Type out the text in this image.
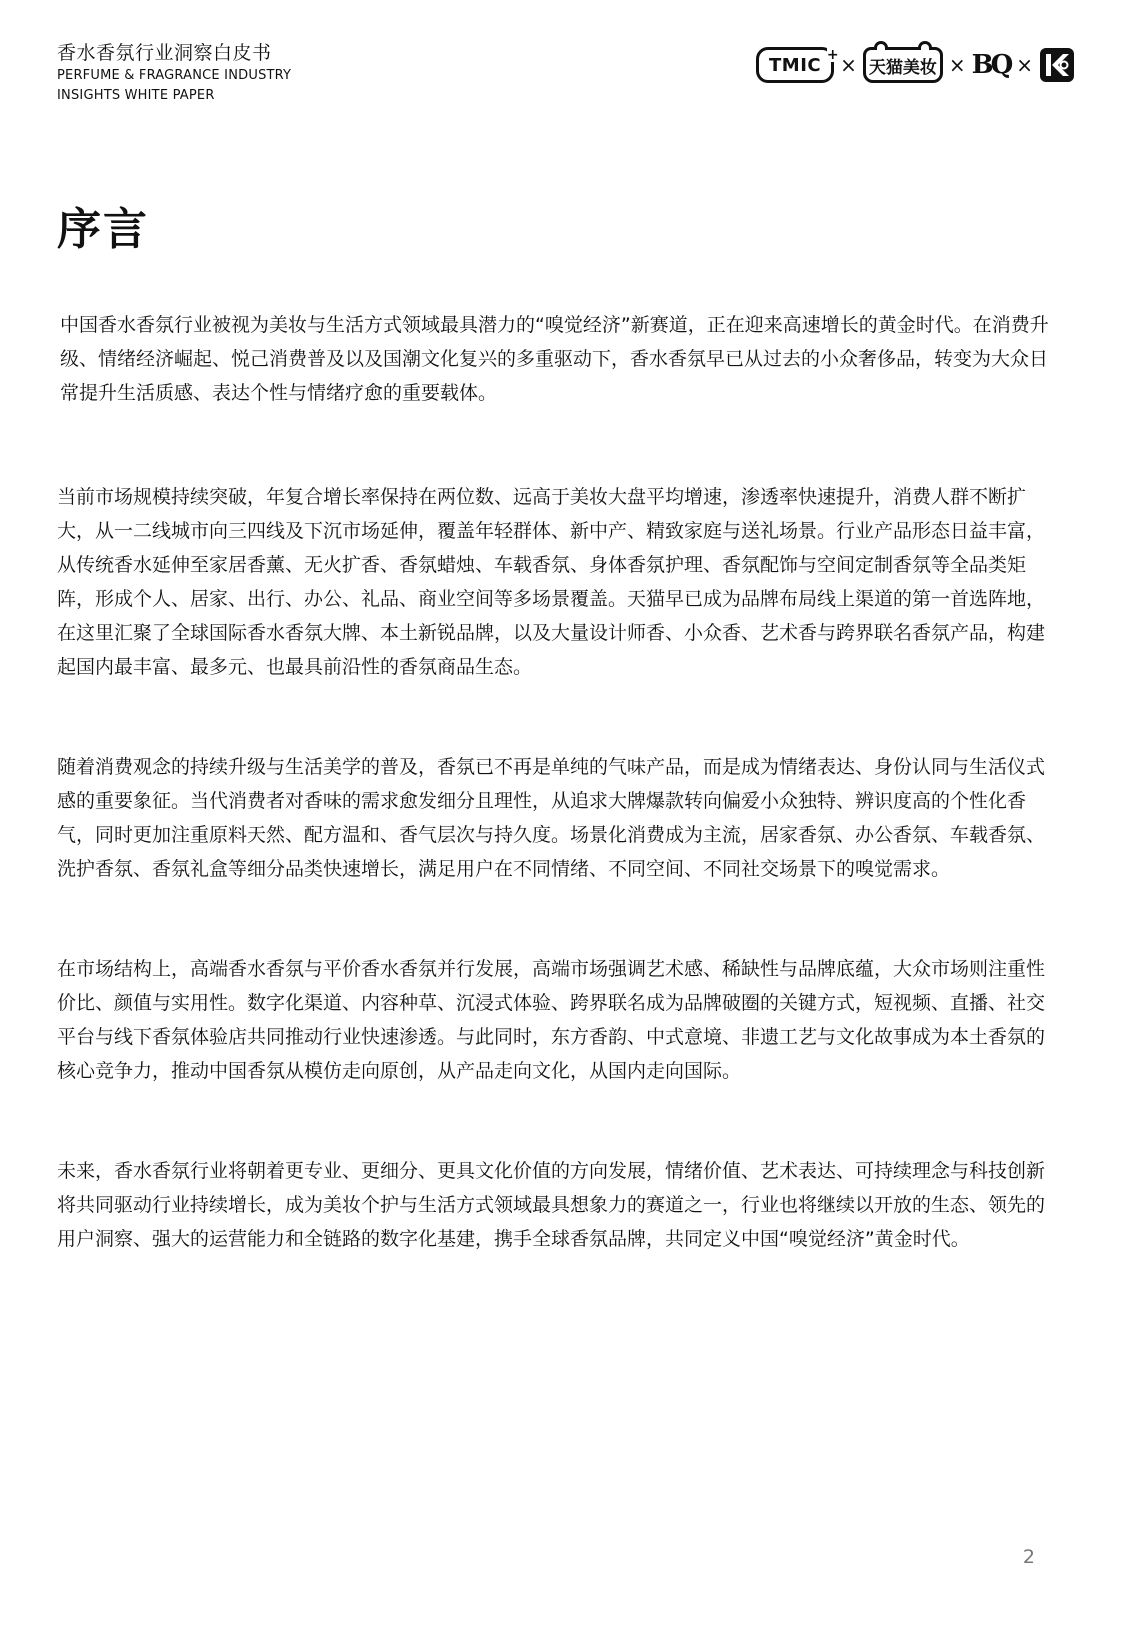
香水香氛行业洞察白皮书
PERFUME & FRAGRANCE INDUSTRY
INSIGHTS WHITE PAPER
TMIC + × 天猫美妆 × BQ ×
序言

中国香水香氛行业被视为美妆与生活方式领域最具潜力的“嗅觉经济”新赛道，正在迎来高速增长的黄金时代。在消费升级、情绪经济崛起、悦己消费普及以及国潮文化复兴的多重驱动下，香水香氛早已从过去的小众奢侈品，转变为大众日常提升生活质感、表达个性与情绪疗愈的重要载体。

当前市场规模持续突破，年复合增长率保持在两位数、远高于美妆大盘平均增速，渗透率快速提升，消费人群不断扩大，从一二线城市向三四线及下沉市场延伸，覆盖年轻群体、新中产、精致家庭与送礼场景。行业产品形态日益丰富，从传统香水延伸至家居香薰、无火扩香、香氛蜡烛、车载香氛、身体香氛护理、香氛配饰与空间定制香氛等全品类矩阵，形成个人、居家、出行、办公、礼品、商业空间等多场景覆盖。天猫早已成为品牌布局线上渠道的第一首选阵地，在这里汇聚了全球国际香水香氛大牌、本土新锐品牌，以及大量设计师香、小众香、艺术香与跨界联名香氛产品，构建起国内最丰富、最多元、也最具前沿性的香氛商品生态。

随着消费观念的持续升级与生活美学的普及，香氛已不再是单纯的气味产品，而是成为情绪表达、身份认同与生活仪式感的重要象征。当代消费者对香味的需求愈发细分且理性，从追求大牌爆款转向偏爱小众独特、辨识度高的个性化香气，同时更加注重原料天然、配方温和、香气层次与持久度。场景化消费成为主流，居家香氛、办公香氛、车载香氛、洗护香氛、香氛礼盒等细分品类快速增长，满足用户在不同情绪、不同空间、不同社交场景下的嗅觉需求。

在市场结构上，高端香水香氛与平价香水香氛并行发展，高端市场强调艺术感、稀缺性与品牌底蕴，大众市场则注重性价比、颜值与实用性。数字化渠道、内容种草、沉浸式体验、跨界联名成为品牌破圈的关键方式，短视频、直播、社交平台与线下香氛体验店共同推动行业快速渗透。与此同时，东方香韵、中式意境、非遗工艺与文化故事成为本土香氛的核心竞争力，推动中国香氛从模仿走向原创，从产品走向文化，从国内走向国际。

未来，香水香氛行业将朝着更专业、更细分、更具文化价值的方向发展，情绪价值、艺术表达、可持续理念与科技创新将共同驱动行业持续增长，成为美妆个护与生活方式领域最具想象力的赛道之一，行业也将继续以开放的生态、领先的用户洞察、强大的运营能力和全链路的数字化基建，携手全球香氛品牌，共同定义中国“嗅觉经济”黄金时代。

2
